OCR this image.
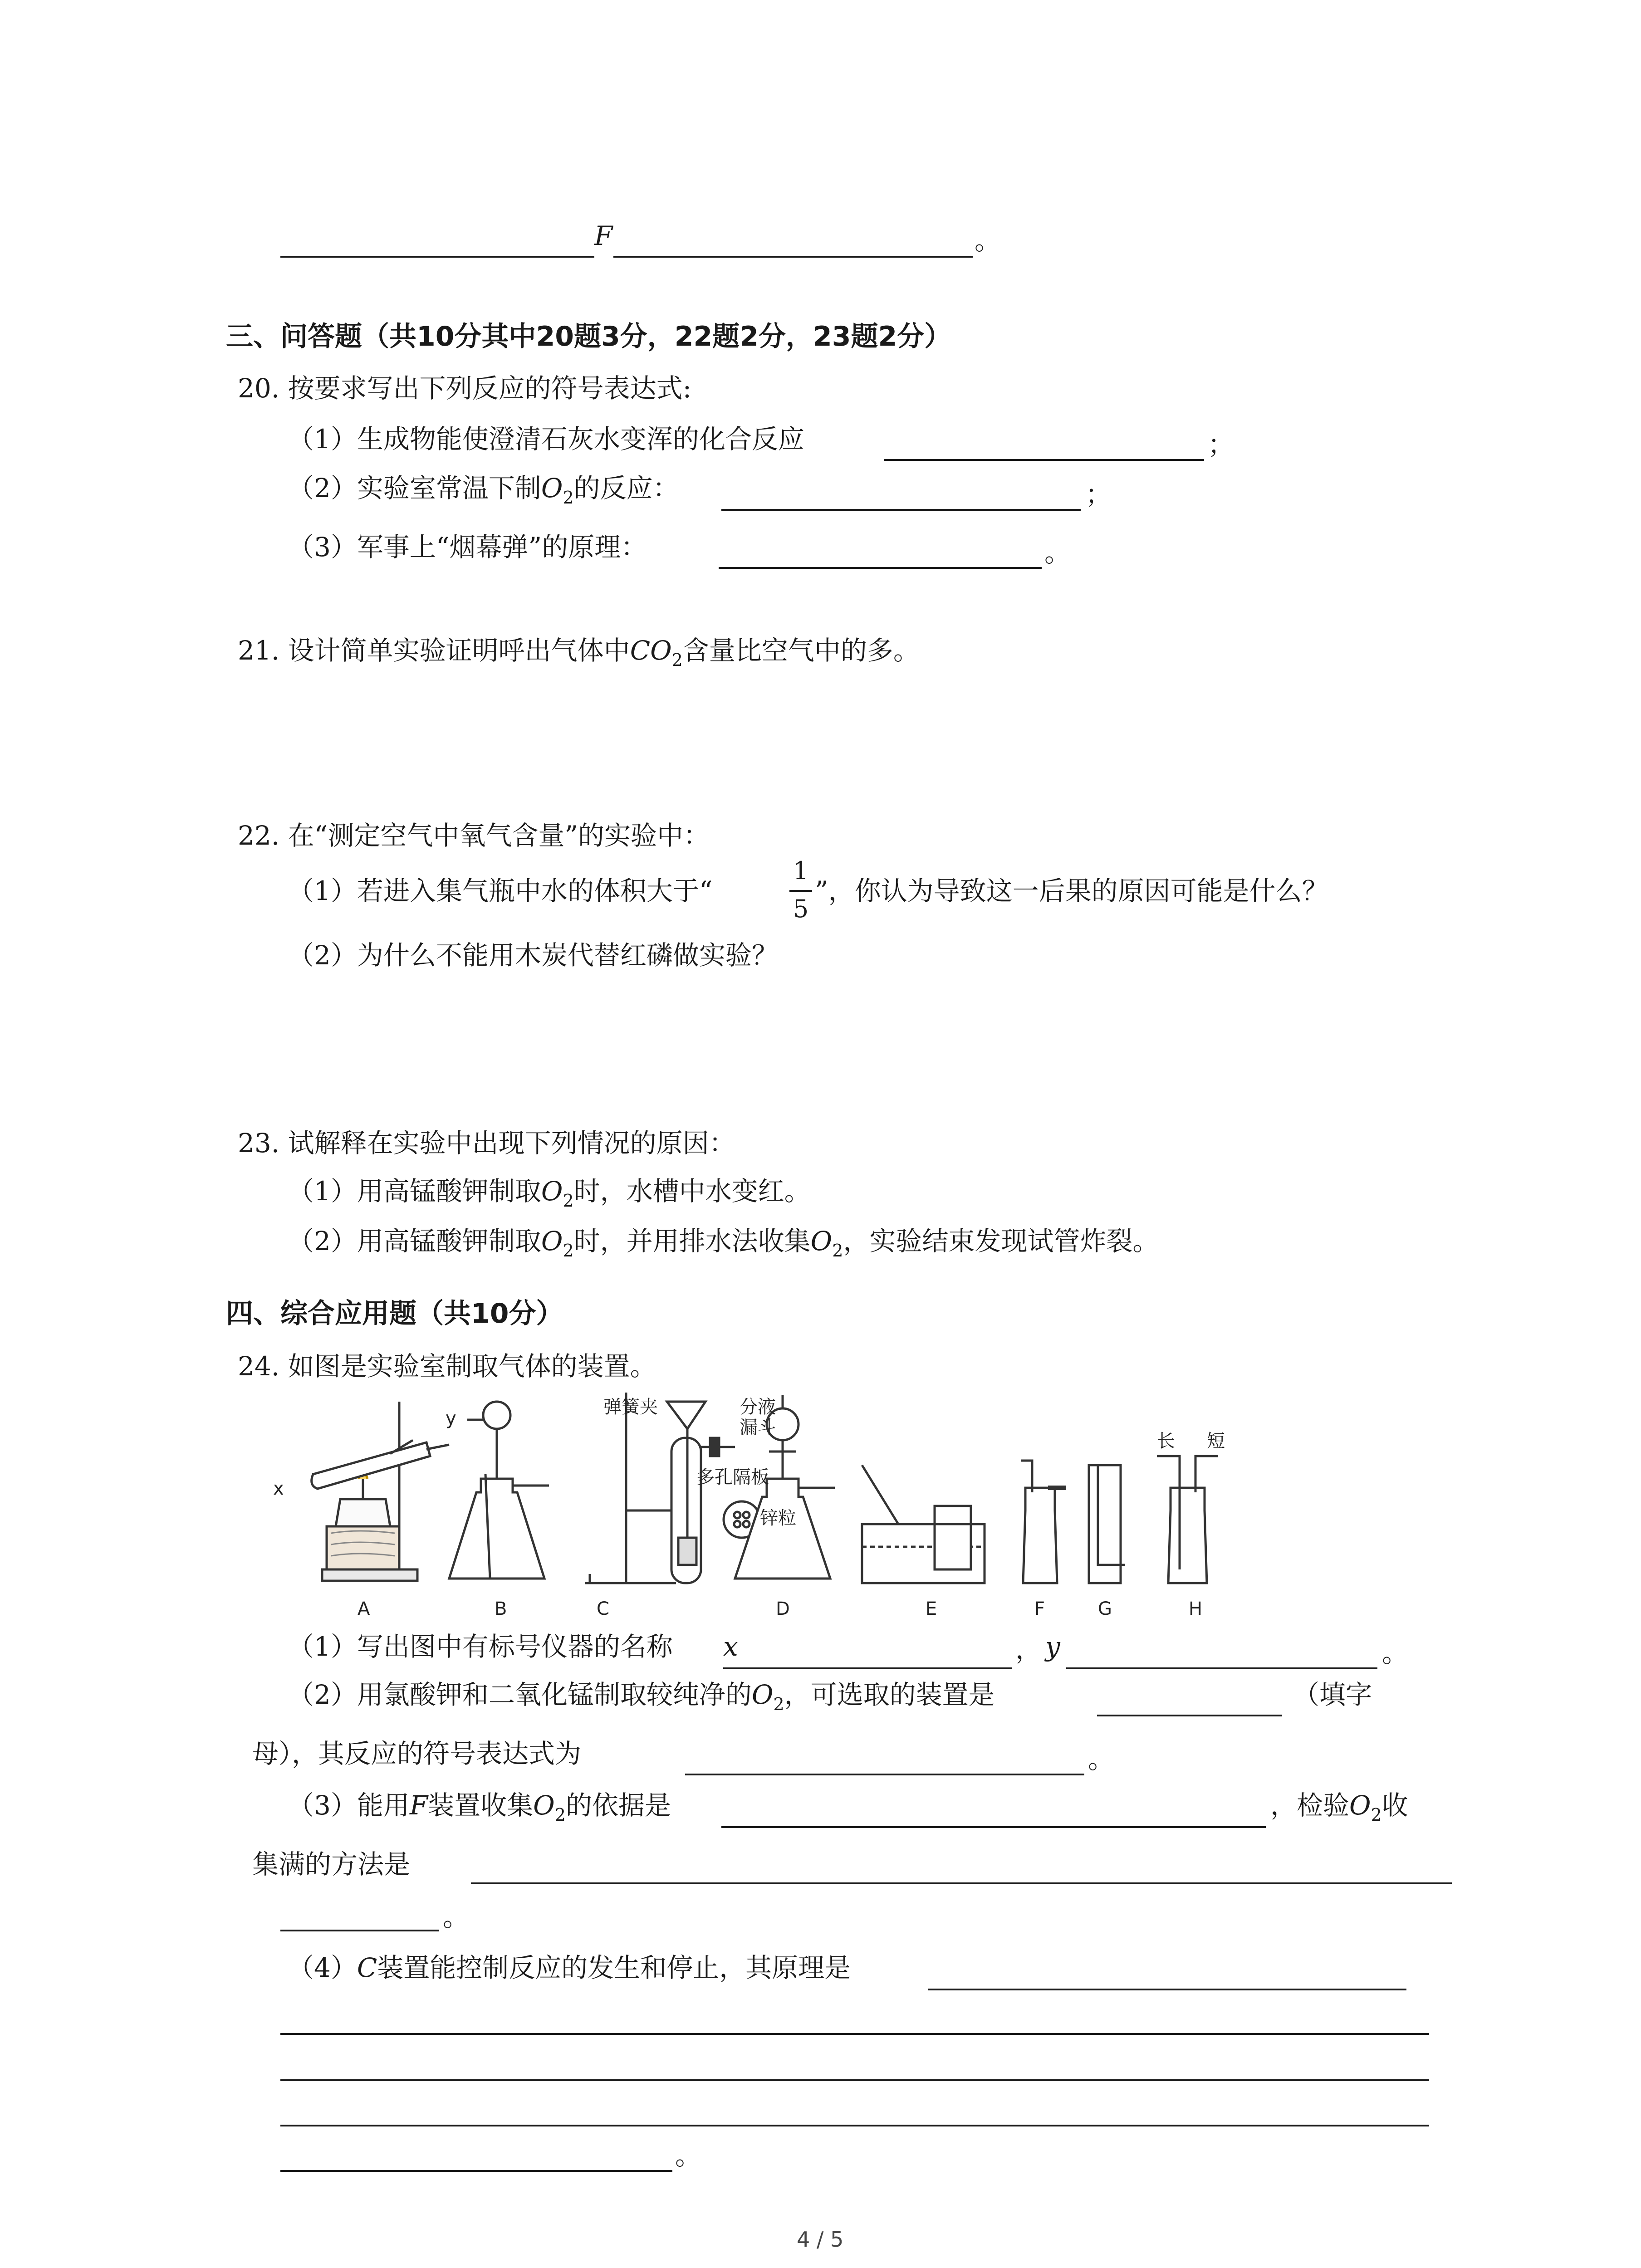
F	。
三、问答题（共10分其中20题3分，22题2分，23题2分）
20. 按要求写出下列反应的符号表达式:
（1）生成物能使澄清石灰水变浑的化合反应	；
（2）实验室常温下制$O_2$的反应：	；
（3）军事上“烟幕弹”的原理：	。
21. 设计简单实验证明呼出气体中$CO_2$含量比空气中的多。
22. 在“测定空气中氧气含量”的实验中：
（1）若进入集气瓶中水的体积大于“
1
5
”，你认为导致这一后果的原因可能是什么？
（2）为什么不能用木炭代替红磷做实验？
23. 试解释在实验中出现下列情况的原因：
（1）用高锰酸钾制取$O_2$时，水槽中水变红。
（2）用高锰酸钾制取$O_2$时，并用排水法收集$O_2$，实验结束发现试管炸裂。
四、综合应用题（共10分）
24. 如图是实验室制取气体的装置。
x
y
弹簧夹	分液
漏斗
多孔隔板
锌粒
长 短
A	B	C	D	E	F	G	H
（1）写出图中有标号仪器的名称 x	， y	。
（2）用氯酸钾和二氧化锰制取较纯净的$O_2$，可选取的装置是	（填字
母），其反应的符号表达式为	。
（3）能用F装置收集$O_2$的依据是	，检验$O_2$收
集满的方法是
。
（4）C装置能控制反应的发生和停止，其原理是
。
4 / 5
